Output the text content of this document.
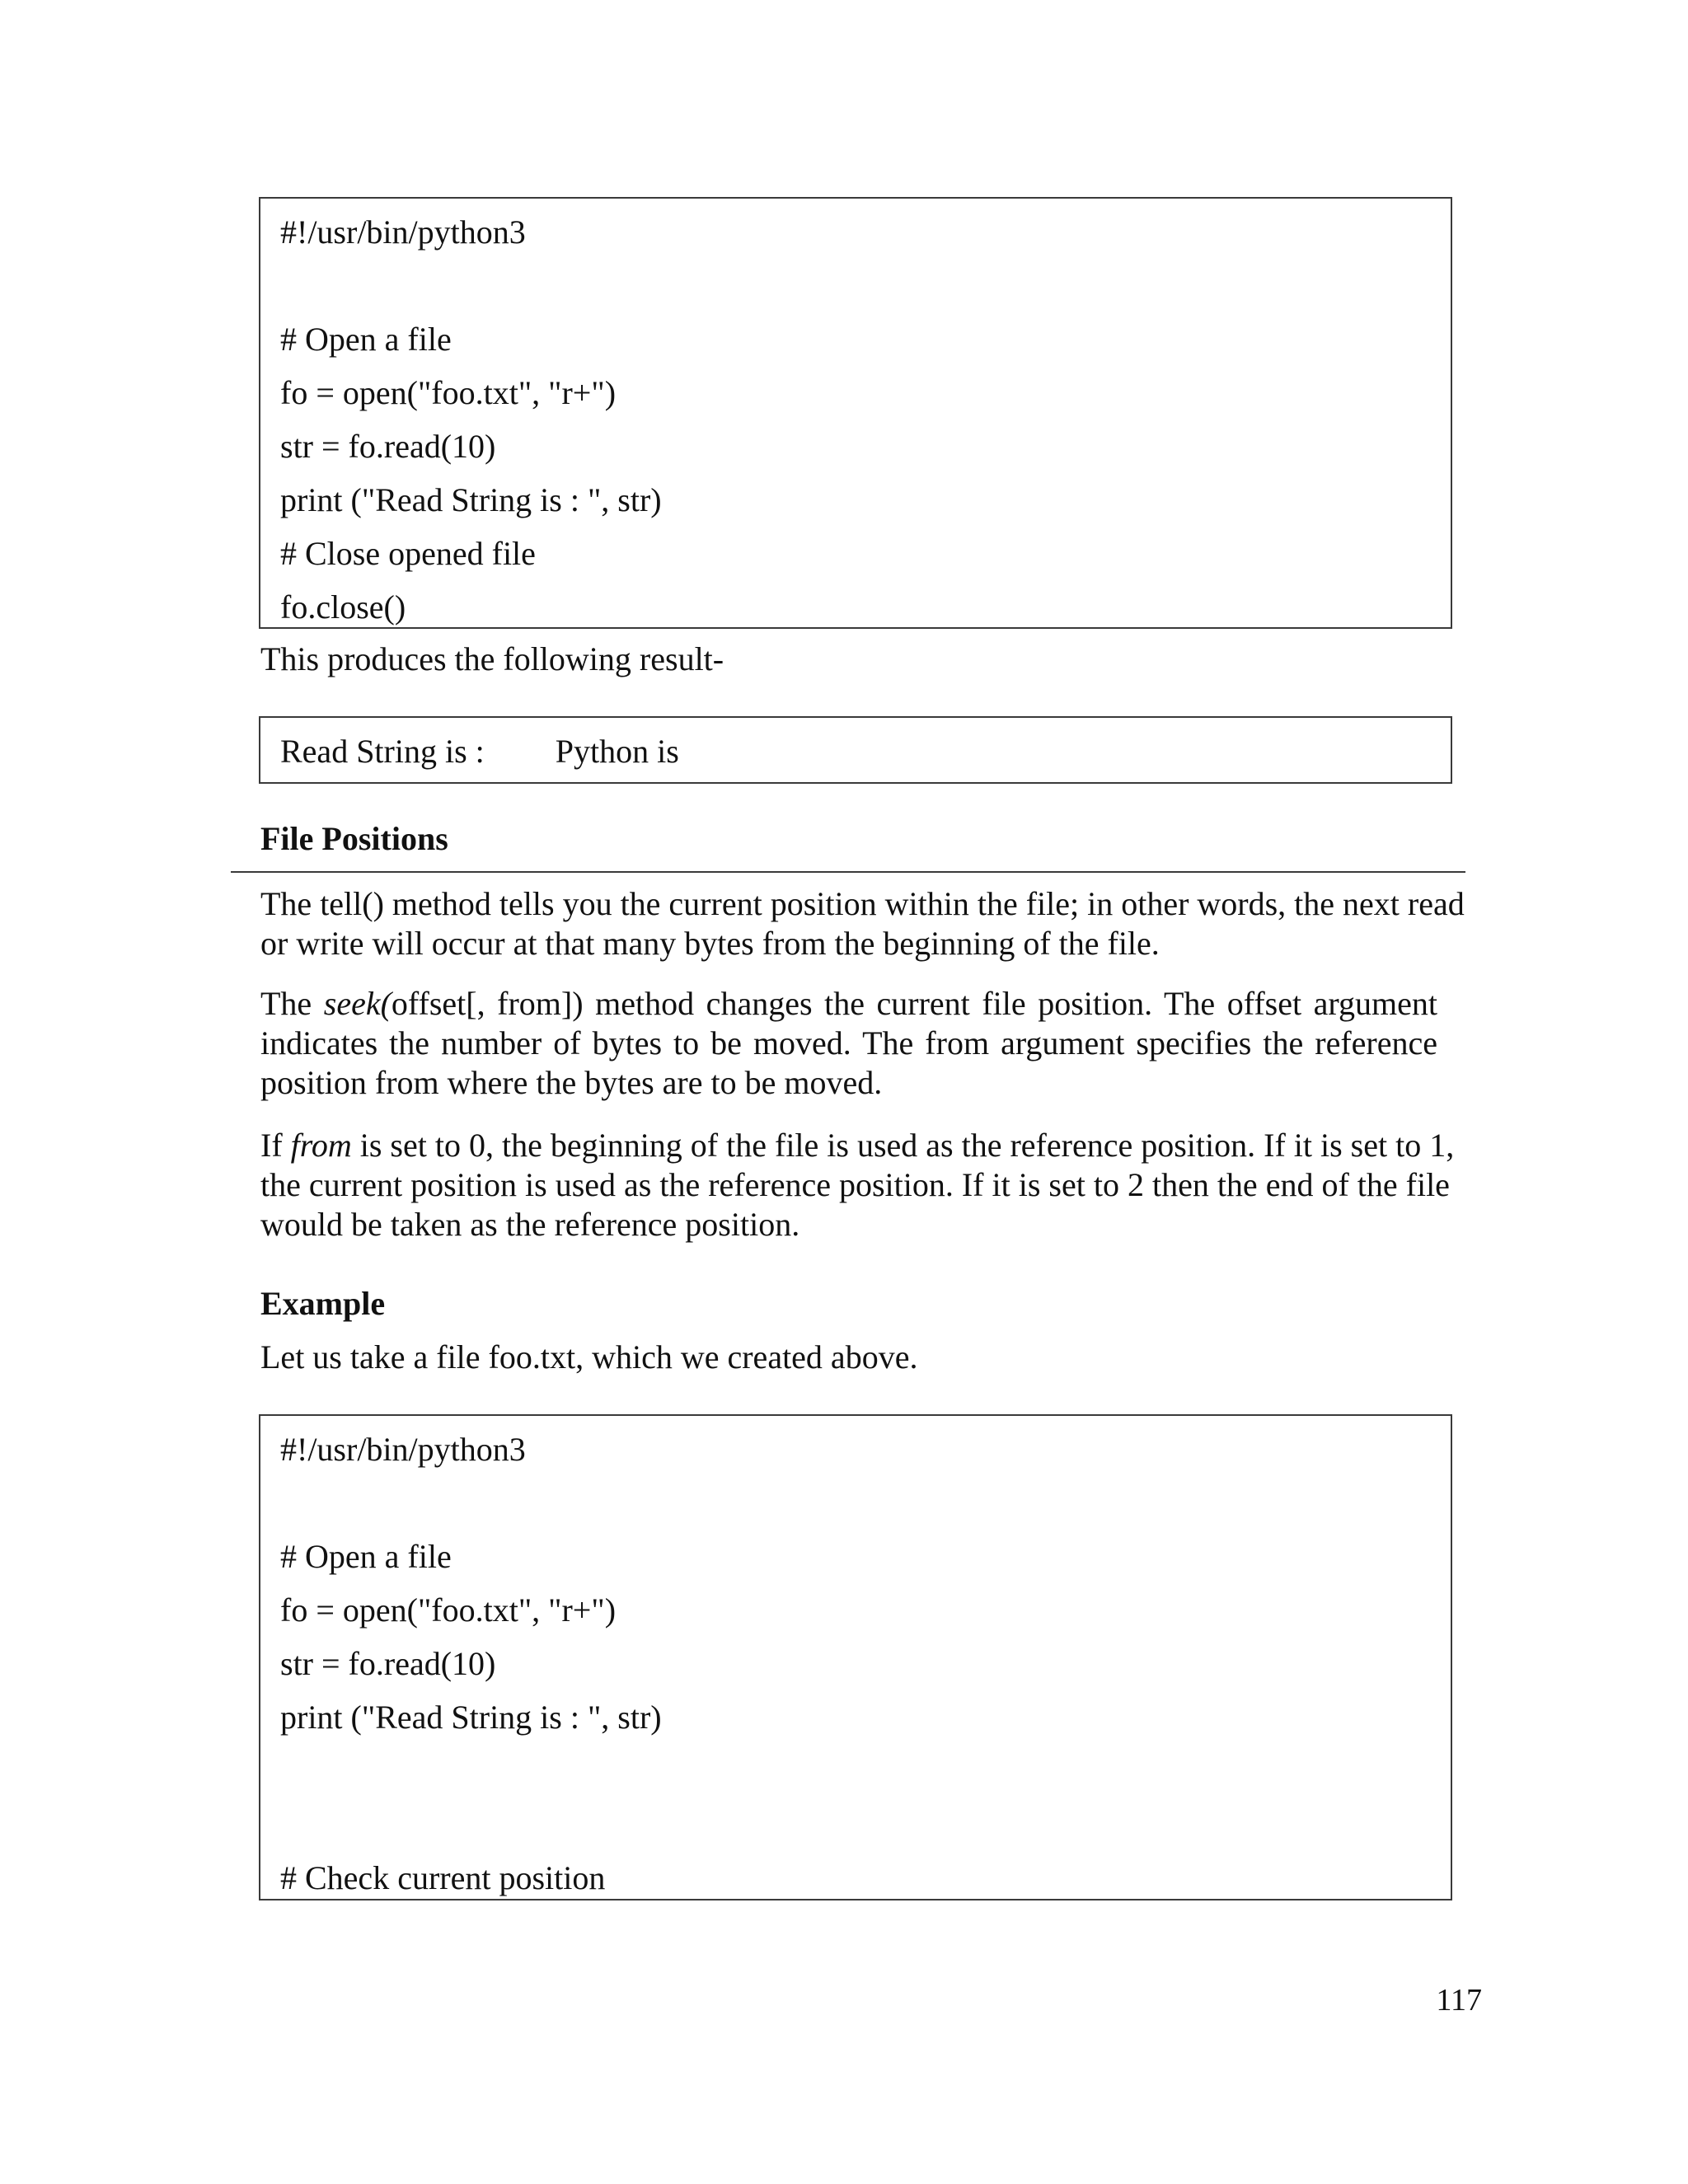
#!/usr/bin/python3
# Open a file
fo = open("foo.txt", "r+")
str = fo.read(10)
print ("Read String is : ", str)
# Close opened file
fo.close()
This produces the following result-
Read String is : Python is
File Positions
The tell() method tells you the current position within the file; in other words, the next read
or write will occur at that many bytes from the beginning of the file.
The seek(offset[, from]) method changes the current file position. The offset argument
indicates the number of bytes to be moved. The from argument specifies the reference
position from where the bytes are to be moved.
If from is set to 0, the beginning of the file is used as the reference position. If it is set to 1,
the current position is used as the reference position. If it is set to 2 then the end of the file
would be taken as the reference position.
Example
Let us take a file foo.txt, which we created above.
#!/usr/bin/python3
# Open a file
fo = open("foo.txt", "r+")
str = fo.read(10)
print ("Read String is : ", str)
# Check current position
117
